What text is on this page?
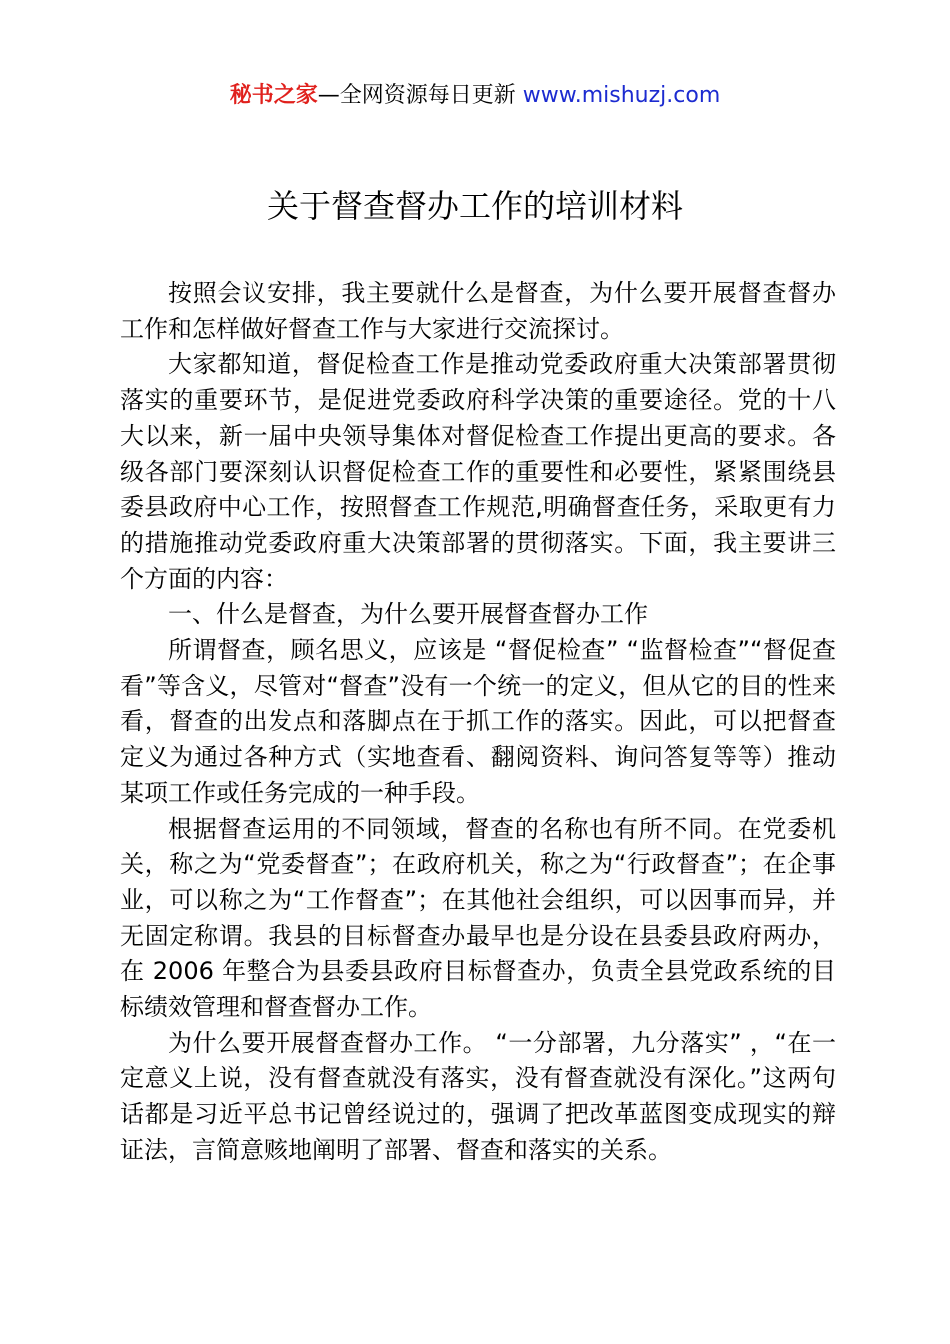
秘书之家—全网资源每日更新 www.mishuzj.com
关于督查督办工作的培训材料

按照会议安排，我主要就什么是督查，为什么要开展督查督办工作和怎样做好督查工作与大家进行交流探讨。

大家都知道，督促检查工作是推动党委政府重大决策部署贯彻落实的重要环节，是促进党委政府科学决策的重要途径。党的十八大以来，新一届中央领导集体对督促检查工作提出更高的要求。各级各部门要深刻认识督促检查工作的重要性和必要性，紧紧围绕县委县政府中心工作，按照督查工作规范,明确督查任务，采取更有力的措施推动党委政府重大决策部署的贯彻落实。下面，我主要讲三个方面的内容：

一、什么是督查，为什么要开展督查督办工作

所谓督查，顾名思义，应该是 “督促检查” “监督检查”“督促查看”等含义，尽管对“督查”没有一个统一的定义，但从它的目的性来看，督查的出发点和落脚点在于抓工作的落实。因此，可以把督查定义为通过各种方式（实地查看、翻阅资料、询问答复等等）推动某项工作或任务完成的一种手段。

根据督查运用的不同领域，督查的名称也有所不同。在党委机关，称之为“党委督查”；在政府机关，称之为“行政督查”；在企事业，可以称之为“工作督查”；在其他社会组织，可以因事而异，并无固定称谓。我县的目标督查办最早也是分设在县委县政府两办，在 2006 年整合为县委县政府目标督查办，负责全县党政系统的目标绩效管理和督查督办工作。

为什么要开展督查督办工作。 “一分部署，九分落实” ，“在一定意义上说，没有督查就没有落实，没有督查就没有深化。”这两句话都是习近平总书记曾经说过的，强调了把改革蓝图变成现实的辩证法，言简意赅地阐明了部署、督查和落实的关系。
